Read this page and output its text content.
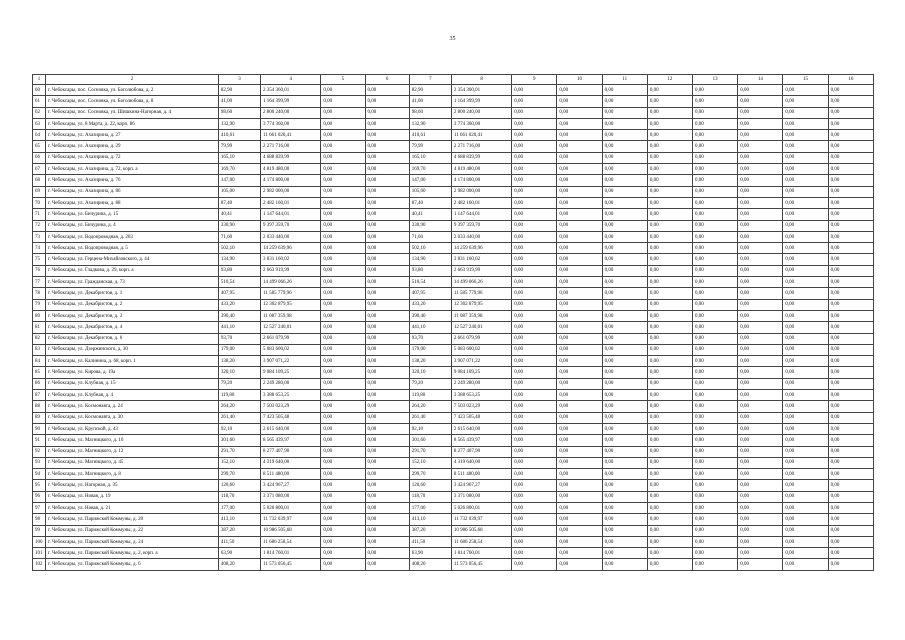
35
1	2	3	4	5	6	7	8	9	10	11	12	13	14	15	16
60	г. Чебоксары, пос. Сосновка, ул. Боголюбова, д. 2	82,90	2 354 360,01	0,00	0,00	82,90	2 354 360,01	0,00	0,00	0,00	0,00	0,00	0,00	0,00	0,00
61	г. Чебоксары, пос. Сосновка, ул. Боголюбова, д. 8	41,00	1 164 399,99	0,00	0,00	41,00	1 164 399,99	0,00	0,00	0,00	0,00	0,00	0,00	0,00	0,00
62	г. Чебоксары, пос. Сосновка, ул. Шишкина-Нагорная, д. 4	98,60	2 800 240,00	0,00	0,00	98,60	2 800 240,00	0,00	0,00	0,00	0,00	0,00	0,00	0,00	0,00
63	г. Чебоксары, ул. 8 Марта, д. 22, корп. 86	132,90	3 774 360,00	0,00	0,00	132,90	3 774 360,00	0,00	0,00	0,00	0,00	0,00	0,00	0,00	0,00
64	г. Чебоксары, ул. Ахазирина, д. 27	410,61	11 661 020,41	0,00	0,00	410,61	11 661 020,41	0,00	0,00	0,00	0,00	0,00	0,00	0,00	0,00
65	г. Чебоксары, ул. Ахазирина, д. 29	79,99	2 271 716,00	0,00	0,00	79,99	2 271 716,00	0,00	0,00	0,00	0,00	0,00	0,00	0,00	0,00
66	г. Чебоксары, ул. Ахазирина, д. 72	165,10	4 688 839,99	0,00	0,00	165,10	4 688 839,99	0,00	0,00	0,00	0,00	0,00	0,00	0,00	0,00
67	г. Чебоксары, ул. Ахазирина, д. 72, корп. а	169,70	4 819 480,00	0,00	0,00	169,70	4 819 480,00	0,00	0,00	0,00	0,00	0,00	0,00	0,00	0,00
68	г. Чебоксары, ул. Ахазирина, д. 76	147,00	4 174 800,00	0,00	0,00	147,00	4 174 800,00	0,00	0,00	0,00	0,00	0,00	0,00	0,00	0,00
69	г. Чебоксары, ул. Ахазирина, д. 86	105,00	2 982 000,00	0,00	0,00	105,00	2 982 000,00	0,00	0,00	0,00	0,00	0,00	0,00	0,00	0,00
70	г. Чебоксары, ул. Ахазирина, д. 88	87,40	2 482 160,01	0,00	0,00	87,40	2 482 160,01	0,00	0,00	0,00	0,00	0,00	0,00	0,00	0,00
71	г. Чебоксары, ул. Бичурина, д. 15	40,41	1 147 644,01	0,00	0,00	40,41	1 147 644,01	0,00	0,00	0,00	0,00	0,00	0,00	0,00	0,00
72	г. Чебоксары, ул. Бичурина, д. 4	330,90	9 397 359,70	0,00	0,00	330,90	9 397 359,70	0,00	0,00	0,00	0,00	0,00	0,00	0,00	0,00
73	г. Чебоксары, ул. Водопроводная, д. 203	71,60	2 033 440,00	0,00	0,00	71,60	2 033 440,00	0,00	0,00	0,00	0,00	0,00	0,00	0,00	0,00
74	г. Чебоксары, ул. Водопроводная, д. 5	502,10	14 259 639,96	0,00	0,00	502,10	14 259 639,96	0,00	0,00	0,00	0,00	0,00	0,00	0,00	0,00
75	г. Чебоксары, ул. Герцена-Михайловского, д. 44	134,90	3 831 160,02	0,00	0,00	134,90	3 831 160,02	0,00	0,00	0,00	0,00	0,00	0,00	0,00	0,00
76	г. Чебоксары, ул. Гладкова, д. 29, корп. а	93,80	2 663 919,99	0,00	0,00	93,80	2 663 919,99	0,00	0,00	0,00	0,00	0,00	0,00	0,00	0,00
77	г. Чебоксары, ул. Гражданская, д. 73	510,54	14 499 066,26	0,00	0,00	510,54	14 499 066,26	0,00	0,00	0,00	0,00	0,00	0,00	0,00	0,00
78	г. Чебоксары, ул. Декабристов, д. 1	407,95	11 585 779,96	0,00	0,00	407,95	11 585 779,96	0,00	0,00	0,00	0,00	0,00	0,00	0,00	0,00
79	г. Чебоксары, ул. Декабристов, д. 2	433,20	12 302 879,95	0,00	0,00	433,20	12 302 879,95	0,00	0,00	0,00	0,00	0,00	0,00	0,00	0,00
80	г. Чебоксары, ул. Декабристов, д. 3	390,40	11 087 359,98	0,00	0,00	390,40	11 087 359,98	0,00	0,00	0,00	0,00	0,00	0,00	0,00	0,00
81	г. Чебоксары, ул. Декабристов, д. 4	441,10	12 527 240,01	0,00	0,00	441,10	12 527 240,01	0,00	0,00	0,00	0,00	0,00	0,00	0,00	0,00
82	г. Чебоксары, ул. Декабристов, д. 6	93,70	2 661 079,99	0,00	0,00	93,70	2 661 079,99	0,00	0,00	0,00	0,00	0,00	0,00	0,00	0,00
83	г. Чебоксары, ул. Дзержинского, д. 30	179,00	5 083 600,02	0,00	0,00	179,00	5 083 600,02	0,00	0,00	0,00	0,00	0,00	0,00	0,00	0,00
84	г. Чебоксары, ул. Калинина, д. 68, корп. 1	138,20	3 907 071,22	0,00	0,00	138,20	3 907 071,22	0,00	0,00	0,00	0,00	0,00	0,00	0,00	0,00
85	г. Чебоксары, ул. Кирова, д. 19а	320,10	9 084 109,25	0,00	0,00	320,10	9 084 109,25	0,00	0,00	0,00	0,00	0,00	0,00	0,00	0,00
86	г. Чебоксары, ул. Клубная, д. 15	79,20	2 249 280,00	0,00	0,00	79,20	2 249 280,00	0,00	0,00	0,00	0,00	0,00	0,00	0,00	0,00
87	г. Чебоксары, ул. Клубная, д. 4	119,80	3 388 653,25	0,00	0,00	119,80	3 388 653,25	0,00	0,00	0,00	0,00	0,00	0,00	0,00	0,00
88	г. Чебоксары, ул. Космонавта, д. 24	264,20	7 503 023,29	0,00	0,00	264,20	7 503 023,29	0,00	0,00	0,00	0,00	0,00	0,00	0,00	0,00
89	г. Чебоксары, ул. Космонавта, д. 30	261,40	7 423 505,48	0,00	0,00	261,40	7 423 505,48	0,00	0,00	0,00	0,00	0,00	0,00	0,00	0,00
90	г. Чебоксары, ул. Крупской, д. 43	92,10	2 615 640,00	0,00	0,00	92,10	2 615 640,00	0,00	0,00	0,00	0,00	0,00	0,00	0,00	0,00
91	г. Чебоксары, ул. Магницкого, д. 10	301,60	8 565 439,97	0,00	0,00	301,60	8 565 439,97	0,00	0,00	0,00	0,00	0,00	0,00	0,00	0,00
92	г. Чебоксары, ул. Магницкого, д. 12	291,70	8 277 407,90	0,00	0,00	291,70	8 277 407,90	0,00	0,00	0,00	0,00	0,00	0,00	0,00	0,00
93	г. Чебоксары, ул. Магницкого, д. 45	152,10	4 319 640,00	0,00	0,00	152,10	4 319 640,00	0,00	0,00	0,00	0,00	0,00	0,00	0,00	0,00
94	г. Чебоксары, ул. Магницкого, д. 8	299,70	8 511 480,00	0,00	0,00	299,70	8 511 480,00	0,00	0,00	0,00	0,00	0,00	0,00	0,00	0,00
95	г. Чебоксары, ул. Нагорная, д. 35	120,60	3 424 967,27	0,00	0,00	120,60	3 424 967,27	0,00	0,00	0,00	0,00	0,00	0,00	0,00	0,00
96	г. Чебоксары, ул. Новая, д. 19	118,70	3 371 080,00	0,00	0,00	118,70	3 371 080,00	0,00	0,00	0,00	0,00	0,00	0,00	0,00	0,00
97	г. Чебоксары, ул. Новая, д. 21	177,00	5 026 800,01	0,00	0,00	177,00	5 026 800,01	0,00	0,00	0,00	0,00	0,00	0,00	0,00	0,00
98	г. Чебоксары, ул. Парижской Коммуны, д. 20	413,10	11 732 039,97	0,00	0,00	413,10	11 732 039,97	0,00	0,00	0,00	0,00	0,00	0,00	0,00	0,00
99	г. Чебоксары, ул. Парижской Коммуны, д. 22	387,20	10 986 505,68	0,00	0,00	387,20	10 986 505,68	0,00	0,00	0,00	0,00	0,00	0,00	0,00	0,00
100	г. Чебоксары, ул. Парижской Коммуны, д. 24	411,50	11 686 258,54	0,00	0,00	411,50	11 686 258,54	0,00	0,00	0,00	0,00	0,00	0,00	0,00	0,00
101	г. Чебоксары, ул. Парижской Коммуны, д. 2, корп. а	63,90	1 814 760,01	0,00	0,00	63,90	1 814 760,01	0,00	0,00	0,00	0,00	0,00	0,00	0,00	0,00
102	г. Чебоксары, ул. Парижской Коммуны, д. 6	408,20	11 573 056,45	0,00	0,00	408,20	11 573 056,45	0,00	0,00	0,00	0,00	0,00	0,00	0,00	0,00
